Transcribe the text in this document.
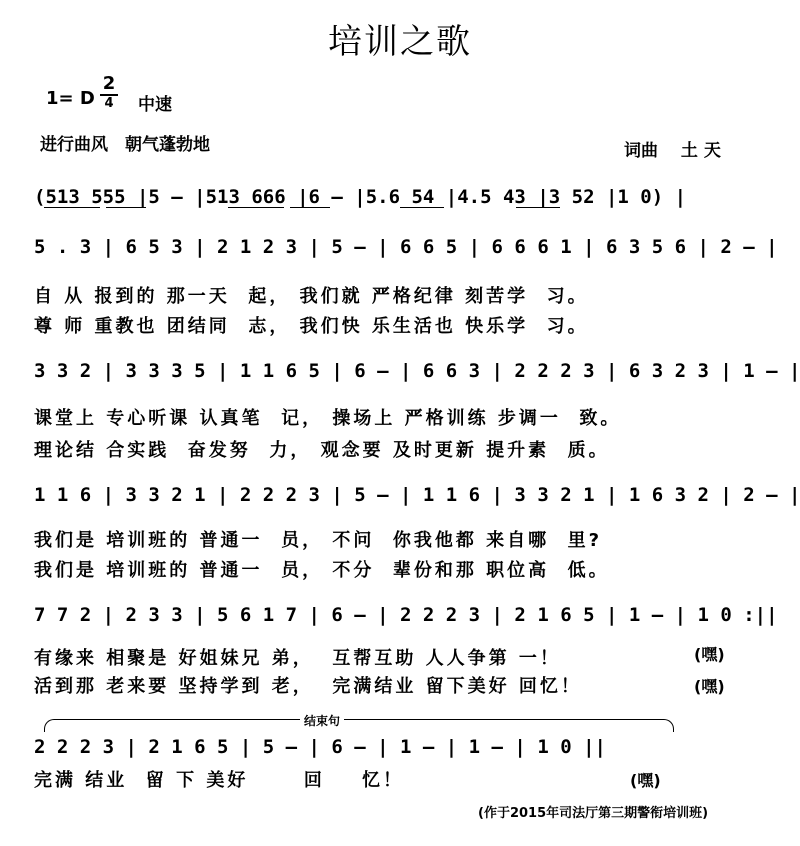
培训之歌
1= D
2
4 中速
进行曲风　朝气蓬勃地	词曲　 土 天
(513 555 |5 — |513 666 |6 — |5.6 54 |4.5 43 |3 52 |1 0) |
5 . 3 | 6 5 3 | 2 1 2 3 | 5 — | 6 6 5 | 6 6 6 1 | 6 3 5 6 | 2 — |
自 从 报到的 那一天  起， 我们就 严格纪律 刻苦学  习。
尊 师 重教也 团结同  志， 我们快 乐生活也 快乐学  习。
3 3 2 | 3 3 3 5 | 1 1 6 5 | 6 — | 6 6 3 | 2 2 2 3 | 6 3 2 3 | 1 — |
课堂上 专心听课 认真笔  记， 操场上 严格训练 步调一  致。
理论结 合实践  奋发努  力， 观念要 及时更新 提升素  质。
1 1 6 | 3 3 2 1 | 2 2 2 3 | 5 — | 1 1 6 | 3 3 2 1 | 1 6 3 2 | 2 — |
我们是 培训班的 普通一  员， 不问  你我他都 来自哪  里?
我们是 培训班的 普通一  员， 不分  辈份和那 职位高  低。
7 7 2 | 2 3 3 | 5 6 1 7 | 6 — | 2 2 2 3 | 2 1 6 5 | 1 — | 1 0 :||
有缘来 相聚是 好姐妹兄 弟，  互帮互助 人人争第 一！	(嘿)
活到那 老来要 坚持学到 老，  完满结业 留下美好 回忆！	(嘿)
结束句
2 2 2 3 | 2 1 6 5 | 5 — | 6 — | 1 — | 1 — | 1 0 ||
完满 结业  留 下 美好      回    忆！	(嘿)
(作于2015年司法厅第三期警衔培训班)
